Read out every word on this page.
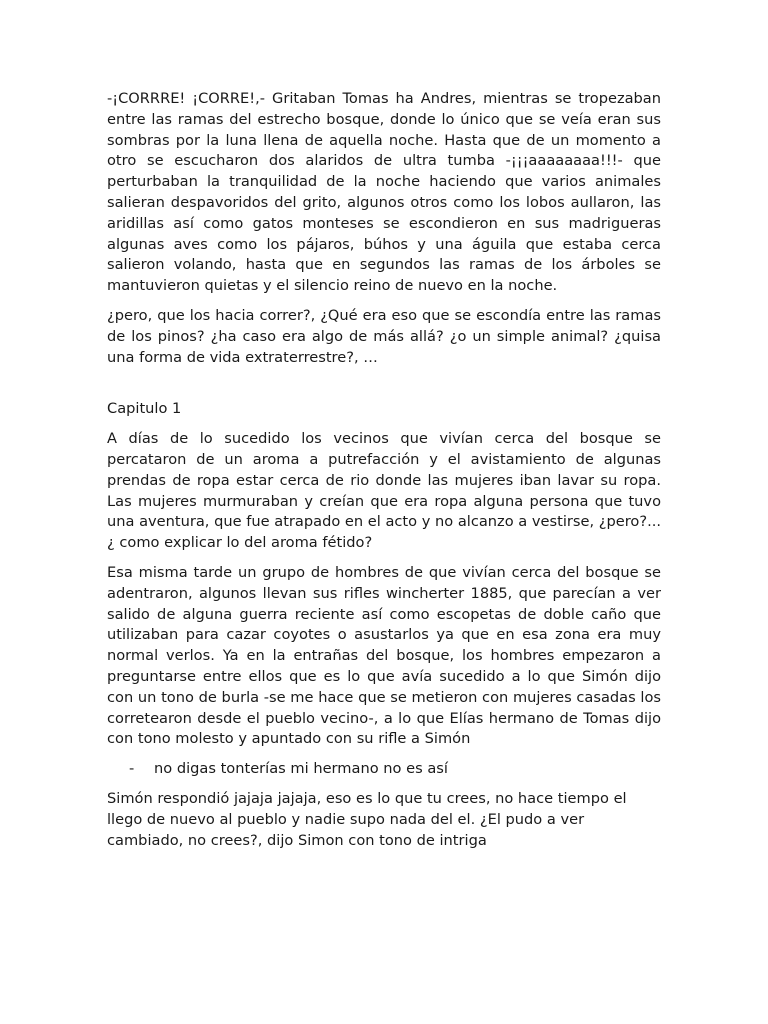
-¡CORRRE! ¡CORRE!,- Gritaban Tomas ha Andres, mientras se tropezaban entre las ramas del estrecho bosque, donde lo único que se veía eran sus sombras por la luna llena de aquella noche. Hasta que de un momento a otro se escucharon dos alaridos de ultra tumba -¡¡¡aaaaaaaa!!!- que perturbaban la tranquilidad de la noche haciendo que varios animales salieran despavoridos del grito, algunos otros como los lobos aullaron, las aridillas así como gatos monteses se escondieron en sus madrigueras algunas aves como los pájaros, búhos y una águila que estaba cerca salieron volando, hasta que en segundos las ramas de los árboles se mantuvieron quietas y el silencio reino de nuevo en la noche.

¿pero, que los hacia correr?, ¿Qué era eso que se escondía entre las ramas de los pinos? ¿ha caso era algo de más allá? ¿o un simple animal? ¿quisa una forma de vida extraterrestre?, …

Capitulo 1

A días de lo sucedido los vecinos que vivían cerca del bosque se percataron de un aroma a putrefacción y el avistamiento de algunas prendas de ropa estar cerca de rio donde las mujeres iban lavar su ropa. Las mujeres murmuraban y creían que era ropa alguna persona que tuvo una aventura, que fue atrapado en el acto y no alcanzo a vestirse, ¿pero?... ¿ como explicar lo del aroma fétido?

Esa misma tarde un grupo de hombres de que vivían cerca del bosque se adentraron, algunos llevan sus rifles wincherter 1885, que parecían a ver salido de alguna guerra reciente así como escopetas de doble caño que utilizaban para cazar coyotes o asustarlos ya que en esa zona era muy normal verlos. Ya en la entrañas del bosque, los hombres empezaron a preguntarse entre ellos que es lo que avía sucedido a lo que Simón dijo con un tono de burla -se me hace que se metieron con mujeres casadas los corretearon desde el pueblo vecino-, a lo que Elías hermano de Tomas dijo con tono molesto y apuntado con su rifle a Simón

-	no digas tonterías mi hermano no es así

Simón respondió jajaja jajaja, eso es lo que tu crees, no hace tiempo el llego de nuevo al pueblo y nadie supo nada del el. ¿El pudo a ver cambiado, no crees?, dijo Simon con tono de intriga
